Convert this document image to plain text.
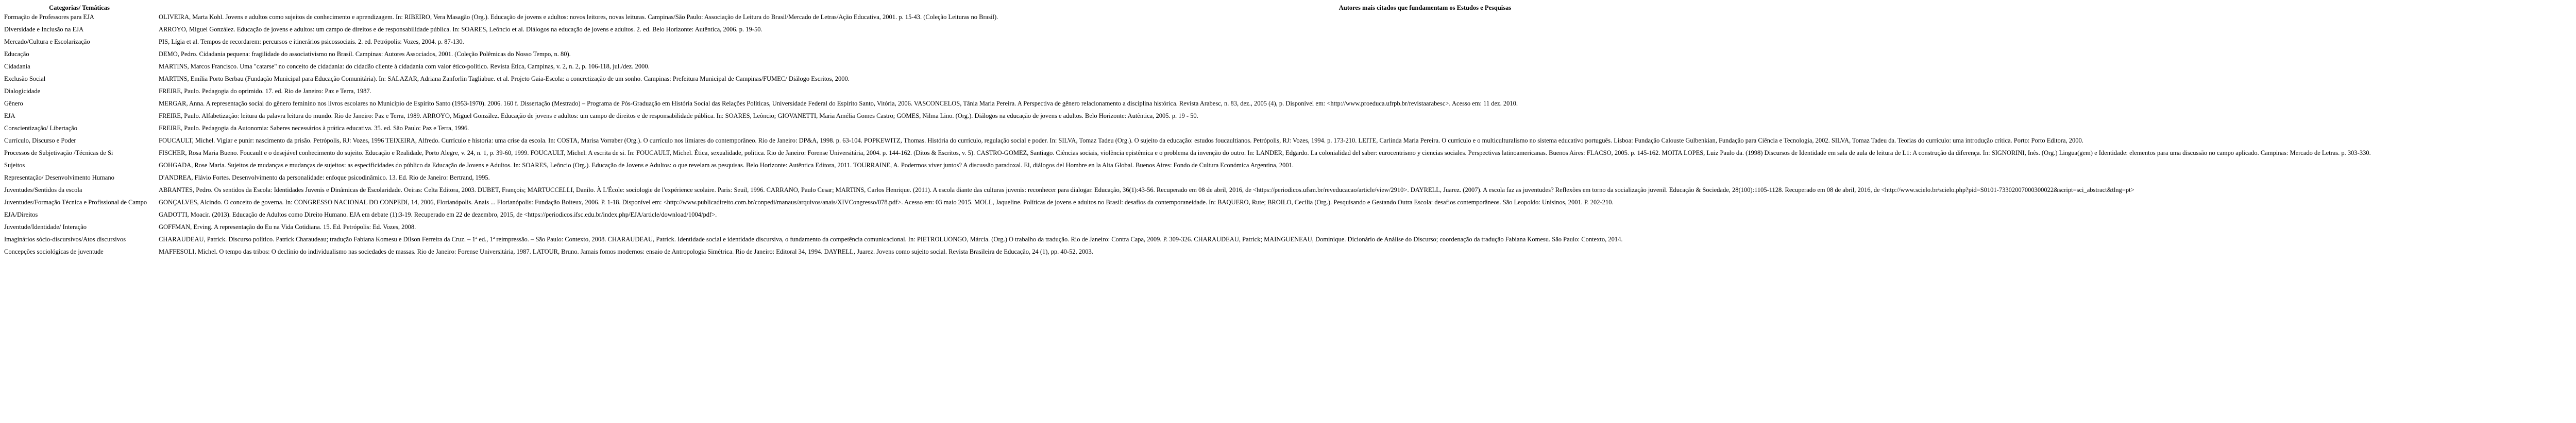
Categorias/ Temáticas	Autores mais citados que fundamentam os Estudos e Pesquisas
Formação de Professores para EJA	OLIVEIRA, Marta Kohl. Jovens e adultos como sujeitos de conhecimento e aprendizagem. In: RIBEIRO, Vera Masagão (Org.). Educação de jovens e adultos: novos leitores, novas leituras. Campinas/São Paulo: Associação de Leitura do Brasil/Mercado de Letras/Ação Educativa, 2001. p. 15-43. (Coleção Leituras no Brasil).
Diversidade e Inclusão na EJA	ARROYO, Miguel González. Educação de jovens e adultos: um campo de direitos e de responsabilidade pública. In: SOARES, Leôncio et al. Diálogos na educação de jovens e adultos. 2. ed. Belo Horizonte: Autêntica, 2006. p. 19-50.
Mercado/Cultura e Escolarização	PIS, Lígia et al. Tempos de recordarem: percursos e itinerários psicossociais. 2. ed. Petrópolis: Vozes, 2004. p. 87-130.
Educação	DEMO, Pedro. Cidadania pequena: fragilidade do associativismo no Brasil. Campinas: Autores Associados, 2001. (Coleção Polêmicas do Nosso Tempo, n. 80).
Cidadania	MARTINS, Marcos Francisco. Uma "catarse" no conceito de cidadania: do cidadão cliente à cidadania com valor ético-político. Revista Ética, Campinas, v. 2, n. 2, p. 106-118, jul./dez. 2000.
Exclusão Social	MARTINS, Emília Porto Berbau (Fundação Municipal para Educação Comunitária). In: SALAZAR, Adriana Zanforlin Tagliabue. et al. Projeto Gaia-Escola: a concretização de um sonho. Campinas: Prefeitura Municipal de Campinas/FUMEC/ Diálogo Escritos, 2000.
Dialogicidade	FREIRE, Paulo. Pedagogia do oprimido. 17. ed. Rio de Janeiro: Paz e Terra, 1987.
Gênero	MERGAR, Anna. A representação social do gênero feminino nos livros escolares no Município de Espírito Santo (1953-1970). 2006. 160 f. Dissertação (Mestrado) – Programa de Pós-Graduação em História Social das Relações Políticas, Universidade Federal do Espírito Santo, Vitória, 2006. VASCONCELOS, Tânia Maria Pereira. A Perspectiva de gênero relacionamento a disciplina histórica. Revista Arabesc, n. 83, dez., 2005 (4), p. Disponível em: <http://www.proeduca.ufrpb.br/revistaarabesc>. Acesso em: 11 dez. 2010.
EJA	FREIRE, Paulo. Alfabetização: leitura da palavra leitura do mundo. Rio de Janeiro: Paz e Terra, 1989. ARROYO, Miguel González. Educação de jovens e adultos: um campo de direitos e de responsabilidade pública. In: SOARES, Leôncio; GIOVANETTI, Maria Amélia Gomes Castro; GOMES, Nilma Lino. (Org.). Diálogos na educação de jovens e adultos. Belo Horizonte: Autêntica, 2005. p. 19 - 50.
Conscientização/ Libertação	FREIRE, Paulo. Pedagogia da Autonomia: Saberes necessários à prática educativa. 35. ed. São Paulo: Paz e Terra, 1996.
Currículo, Discurso e Poder	FOUCAULT, Michel. Vigiar e punir: nascimento da prisão. Petrópolis, RJ: Vozes, 1996 TEIXEIRA, Alfredo. Currículo e historia: uma crise da escola. In: COSTA, Marisa Vorraber (Org.). O currículo nos limiares do contemporâneo. Rio de Janeiro: DP&A, 1998. p. 63-104. POPKEWITZ, Thomas. História do currículo, regulação social e poder. In: SILVA, Tomaz Tadeu (Org.). O sujeito da educação: estudos foucaultianos. Petrópolis, RJ: Vozes, 1994. p. 173-210. LEITE, Carlinda Maria Pereira. O currículo e o multiculturalismo no sistema educativo português. Lisboa: Fundação Calouste Gulbenkian, Fundação para Ciência e Tecnologia, 2002. SILVA, Tomaz Tadeu da. Teorias do currículo: uma introdução crítica. Porto: Porto Editora, 2000.
Processos de Subjetivação /Técnicas de Si	FISCHER, Rosa Maria Bueno. Foucault e o desejável conhecimento do sujeito. Educação e Realidade, Porto Alegre, v. 24, n. 1, p. 39-60, 1999. FOUCAULT, Michel. A escrita de si. In: FOUCAULT, Michel. Ética, sexualidade, política. Rio de Janeiro: Forense Universitária, 2004. p. 144-162. (Ditos & Escritos, v. 5). CASTRO-GOMEZ, Santiago. Ciências sociais, violência epistêmica e o problema da invenção do outro. In: LANDER, Edgardo. La colonialidad del saber: eurocentrismo y ciencias sociales. Perspectivas latinoamericanas. Buenos Aires: FLACSO, 2005. p. 145-162. MOITA LOPES, Luiz Paulo da. (1998) Discursos de Identidade em sala de aula de leitura de L1: A construção da diferença. In: SIGNORINI, Inês. (Org.) Lingua(gem) e Identidade: elementos para uma discussão no campo aplicado. Campinas: Mercado de Letras. p. 303-330.
Sujeitos	GOHGADA, Rose Maria. Sujeitos de mudanças e mudanças de sujeitos: as especificidades do público da Educação de Jovens e Adultos. In: SOARES, Leôncio (Org.). Educação de Jovens e Adultos: o que revelam as pesquisas. Belo Horizonte: Autêntica Editora, 2011. TOURRAINE, A. Podermos viver juntos? A discussão paradoxal. El, diálogos del Hombre en la Alta Global. Buenos Aires: Fondo de Cultura Económica Argentina, 2001.
Representação/ Desenvolvimento Humano	D'ANDREA, Flávio Fortes. Desenvolvimento da personalidade: enfoque psicodinâmico. 13. Ed. Rio de Janeiro: Bertrand, 1995.
Juventudes/Sentidos da escola	ABRANTES, Pedro. Os sentidos da Escola: Identidades Juvenis e Dinâmicas de Escolaridade. Oeiras: Celta Editora, 2003. DUBET, François; MARTUCCELLI, Danilo. À L'École: sociologie de l'expérience scolaire. Paris: Seuil, 1996. CARRANO, Paulo Cesar; MARTINS, Carlos Henrique. (2011). A escola diante das culturas juvenis: reconhecer para dialogar. Educação, 36(1):43-56. Recuperado em 08 de abril, 2016, de <https://periodicos.ufsm.br/reveducacao/article/view/2910>. DAYRELL, Juarez. (2007). A escola faz as juventudes? Reflexões em torno da socialização juvenil. Educação & Sociedade, 28(100):1105-1128. Recuperado em 08 de abril, 2016, de <http://www.scielo.br/scielo.php?pid=S0101-73302007000300022&script=sci_abstract&tlng=pt>
Juventudes/Formação Técnica e Profissional de Campo	GONÇALVES, Alcindo. O conceito de governa. In: CONGRESSO NACIONAL DO CONPEDI, 14, 2006, Florianópolis. Anais ... Florianópolis: Fundação Boiteux, 2006. P. 1-18. Disponível em: <http://www.publicadireito.com.br/conpedi/manaus/arquivos/anais/XIVCongresso/078.pdf>. Acesso em: 03 maio 2015. MOLL, Jaqueline. Políticas de jovens e adultos no Brasil: desafios da contemporaneidade. In: BAQUERO, Rute; BROILO, Cecília (Org.). Pesquisando e Gestando Outra Escola: desafios contemporâneos. São Leopoldo: Unisinos, 2001. P. 202-210.
EJA/Direitos	GADOTTI, Moacir. (2013). Educação de Adultos como Direito Humano. EJA em debate (1):3-19. Recuperado em 22 de dezembro, 2015, de <https://periodicos.ifsc.edu.br/index.php/EJA/article/download/1004/pdf>.
Juventude/Identidade/ Interação	GOFFMAN, Erving. A representação do Eu na Vida Cotidiana. 15. Ed. Petrópolis: Ed. Vozes, 2008.
Imaginários sócio-discursivos/Atos discursivos	CHARAUDEAU, Patrick. Discurso político. Patrick Charaudeau; tradução Fabiana Komesu e Dílson Ferreira da Cruz. – 1ª ed., 1ª reimpressão. – São Paulo: Contexto, 2008. CHARAUDEAU, Patrick. Identidade social e identidade discursiva, o fundamento da competência comunicacional. In: PIETROLUONGO, Márcia. (Org.) O trabalho da tradução. Rio de Janeiro: Contra Capa, 2009. P. 309-326. CHARAUDEAU, Patrick; MAINGUENEAU, Dominique. Dicionário de Análise do Discurso; coordenação da tradução Fabiana Komesu. São Paulo: Contexto, 2014.
Concepções sociológicas de juventude	MAFFESOLI, Michel. O tempo das tribos: O declínio do individualismo nas sociedades de massas. Rio de Janeiro: Forense Universitária, 1987. LATOUR, Bruno. Jamais fomos modernos: ensaio de Antropologia Simétrica. Rio de Janeiro: Editoral 34, 1994. DAYRELL, Juarez. Jovens como sujeito social. Revista Brasileira de Educação, 24 (1), pp. 40-52, 2003.
